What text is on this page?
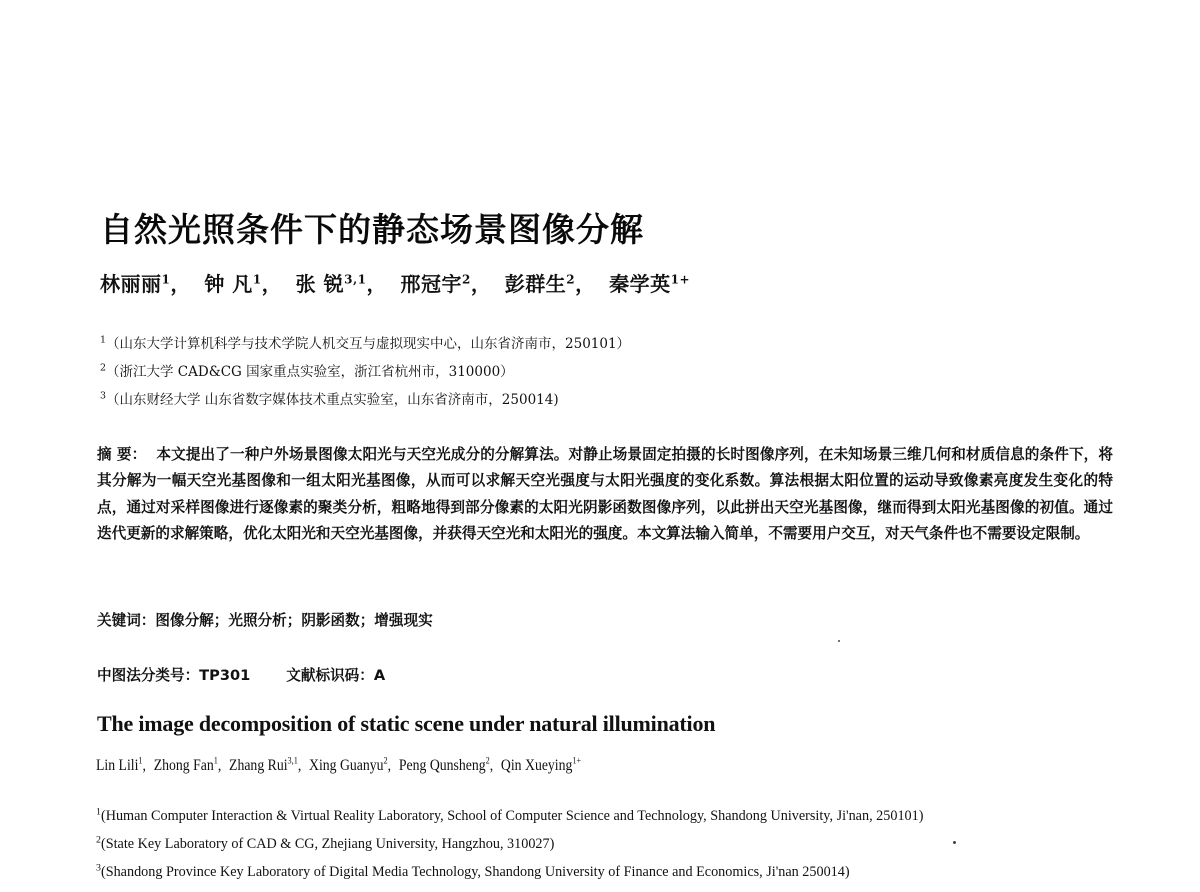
自然光照条件下的静态场景图像分解
林丽丽$^1$， 钟 凡$^1$， 张 锐$^{3,1}$， 邢冠宇$^2$， 彭群生$^2$， 秦学英$^{1+}$
$^1$（山东大学计算机科学与技术学院人机交互与虚拟现实中心，山东省济南市，250101）
$^2$（浙江大学 CAD&CG 国家重点实验室，浙江省杭州市，310000）
$^3$（山东财经大学 山东省数字媒体技术重点实验室，山东省济南市，250014)
摘 要： 本文提出了一种户外场景图像太阳光与天空光成分的分解算法。对静止场景固定拍摄的长时图像序列，在未知场景三维几何和材质信息的条件下，将其分解为一幅天空光基图像和一组太阳光基图像，从而可以求解天空光强度与太阳光强度的变化系数。算法根据太阳位置的运动导致像素亮度发生变化的特点，通过对采样图像进行逐像素的聚类分析，粗略地得到部分像素的太阳光阴影函数图像序列，以此拼出天空光基图像，继而得到太阳光基图像的初值。通过迭代更新的求解策略，优化太阳光和天空光基图像，并获得天空光和太阳光的强度。本文算法输入简单，不需要用户交互，对天气条件也不需要设定限制。
关键词：图像分解；光照分析；阴影函数；增强现实
中图法分类号：TP301 文献标识码：A
The image decomposition of static scene under natural illumination
Lin Lili$^1$, Zhong Fan$^1$, Zhang Rui$^{3,1}$, Xing Guanyu$^2$, Peng Qunsheng$^2$, Qin Xueying$^{1+}$
$^1$(Human Computer Interaction & Virtual Reality Laboratory, School of Computer Science and Technology, Shandong University, Ji'nan, 250101)
$^2$(State Key Laboratory of CAD & CG, Zhejiang University, Hangzhou, 310027)
$^3$(Shandong Province Key Laboratory of Digital Media Technology, Shandong University of Finance and Economics, Ji'nan 250014)
